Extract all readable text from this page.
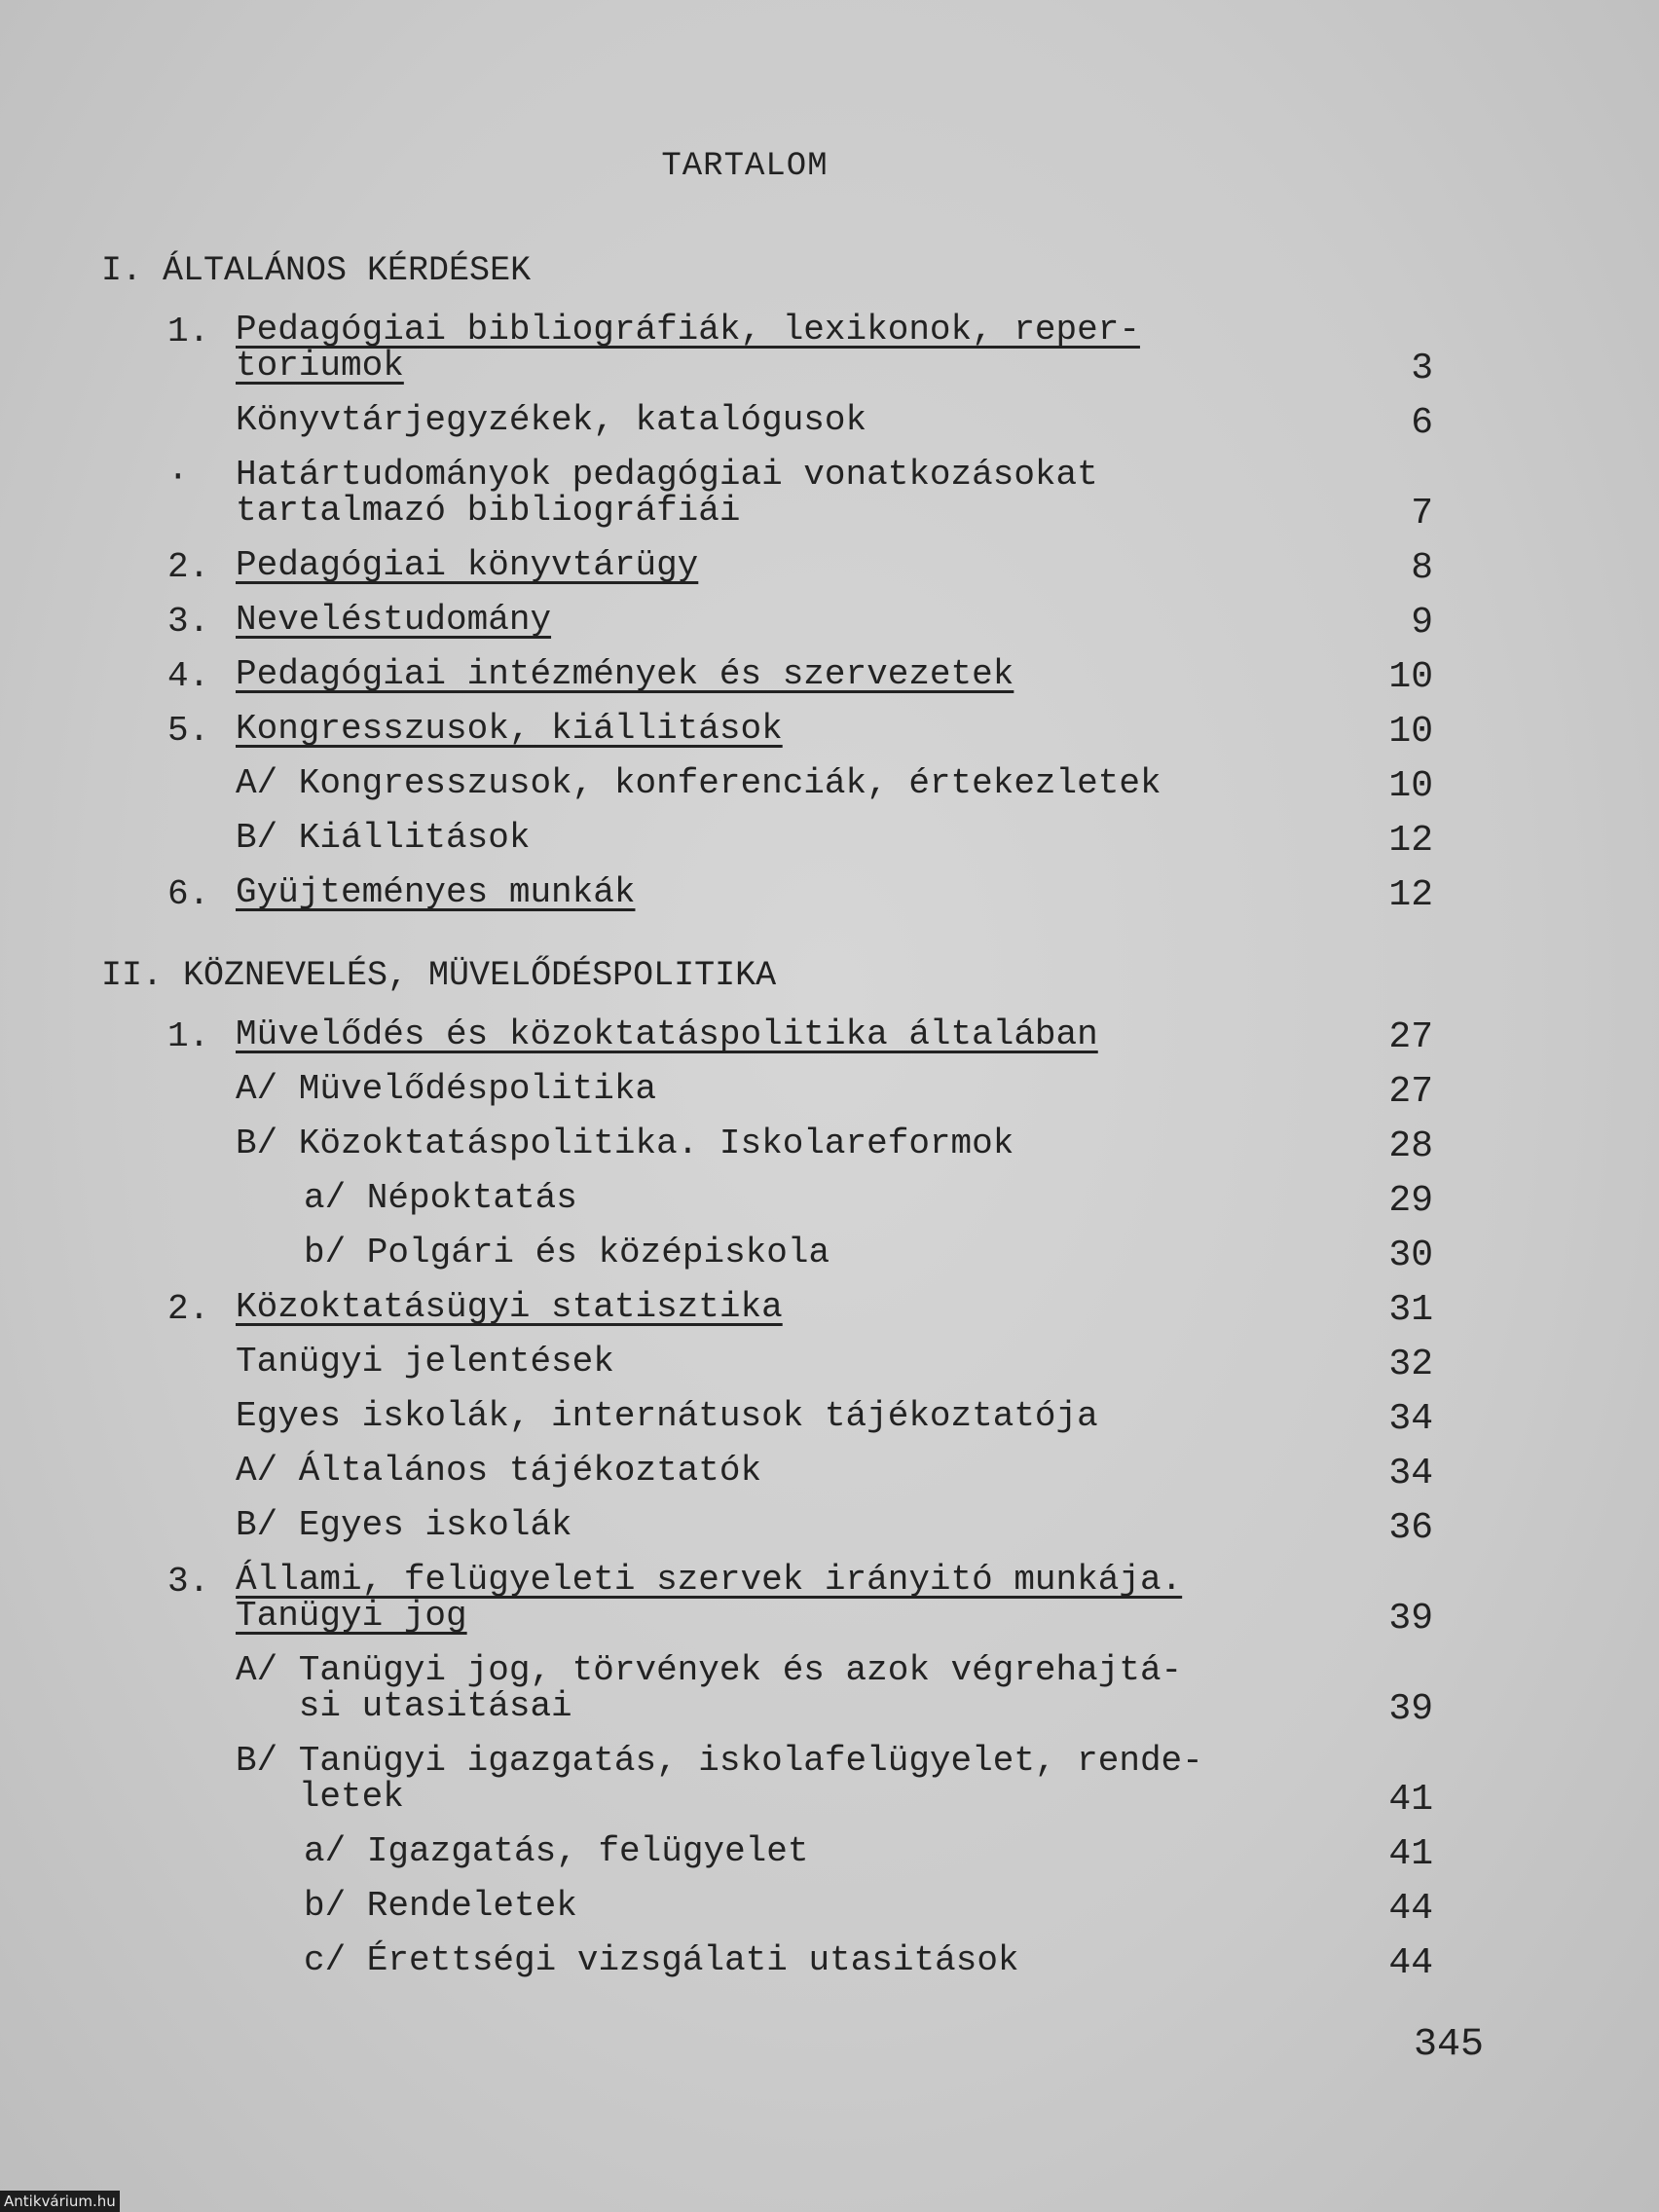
TARTALOM
I. ÁLTALÁNOS KÉRDÉSEK
1. Pedagógiai bibliográfiák, lexikonok, reper-
toriumok	3
Könyvtárjegyzékek, katalógusok	6
· Határtudományok pedagógiai vonatkozásokat
tartalmazó bibliográfiái	7
2. Pedagógiai könyvtárügy	8
3. Neveléstudomány	9
4. Pedagógiai intézmények és szervezetek	10
5. Kongresszusok, kiállitások	10
A/ Kongresszusok, konferenciák, értekezletek	10
B/ Kiállitások	12
6. Gyüjteményes munkák	12
II. KÖZNEVELÉS, MÜVELŐDÉSPOLITIKA
1. Müvelődés és közoktatáspolitika általában	27
A/ Müvelődéspolitika	27
B/ Közoktatáspolitika. Iskolareformok	28
a/ Népoktatás	29
b/ Polgári és középiskola	30
2. Közoktatásügyi statisztika	31
Tanügyi jelentések	32
Egyes iskolák, internátusok tájékoztatója	34
A/ Általános tájékoztatók	34
B/ Egyes iskolák	36
3. Állami, felügyeleti szervek irányitó munkája.
Tanügyi jog	39
A/ Tanügyi jog, törvények és azok végrehajtá-
si utasitásai	39
B/ Tanügyi igazgatás, iskolafelügyelet, rende-
letek	41
a/ Igazgatás, felügyelet	41
b/ Rendeletek	44
c/ Érettségi vizsgálati utasitások	44
345
Antikvárium.hu
